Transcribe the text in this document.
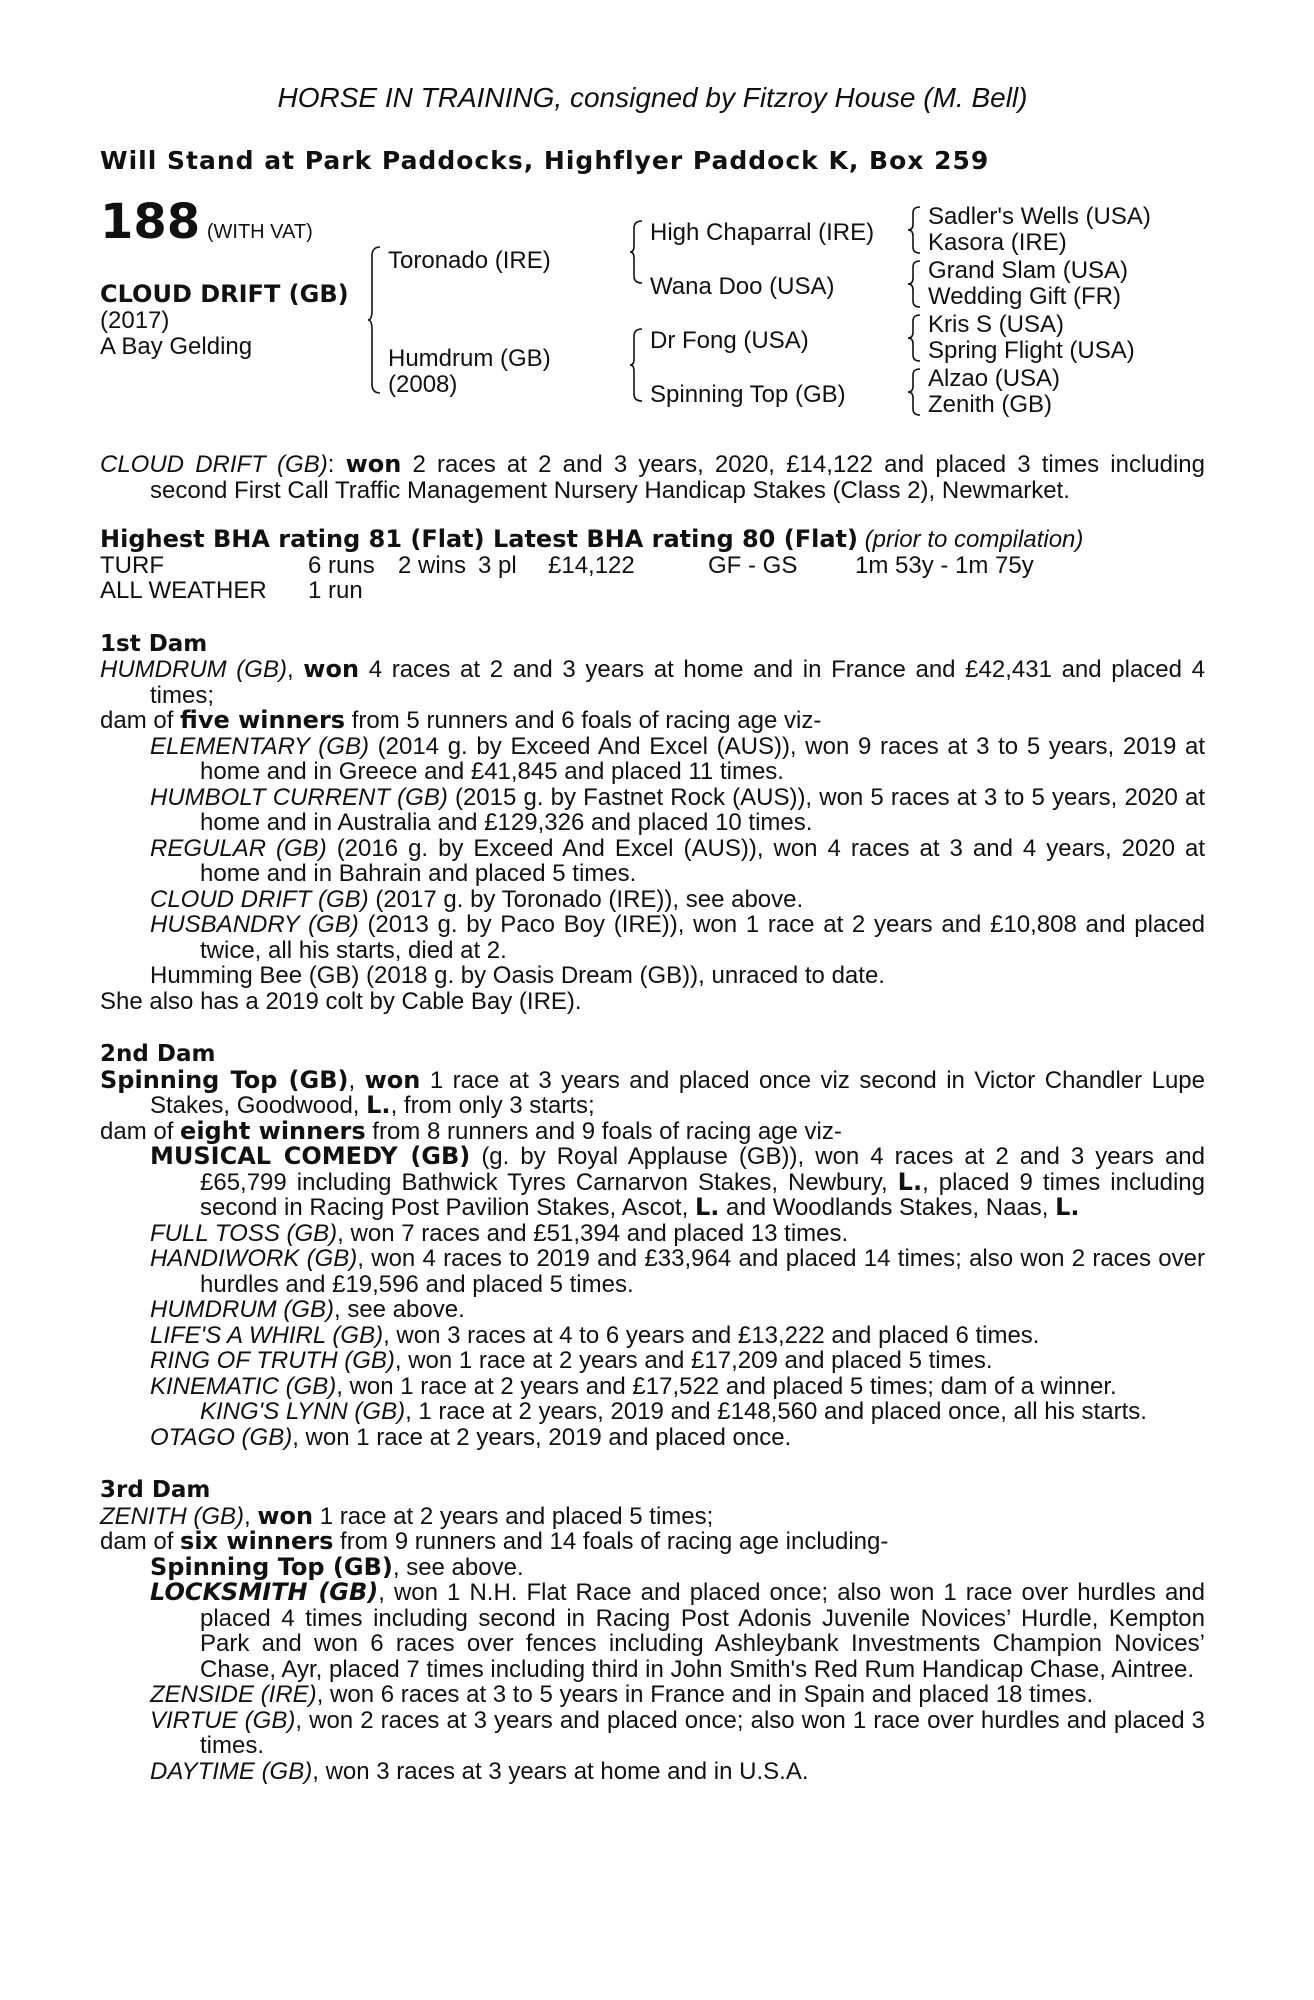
HORSE IN TRAINING, consigned by Fitzroy House (M. Bell)
Will Stand at Park Paddocks, Highflyer Paddock K, Box 259
188 (WITH VAT)
CLOUD DRIFT (GB)
(2017)
A Bay Gelding
Toronado (IRE)
Humdrum (GB)
(2008)
High Chaparral (IRE)
Wana Doo (USA)
Dr Fong (USA)
Spinning Top (GB)
Sadler's Wells (USA)
Kasora (IRE)
Grand Slam (USA)
Wedding Gift (FR)
Kris S (USA)
Spring Flight (USA)
Alzao (USA)
Zenith (GB)
CLOUD DRIFT (GB): won 2 races at 2 and 3 years, 2020, £14,122 and placed 3 times including second First Call Traffic Management Nursery Handicap Stakes (Class 2), Newmarket.
Highest BHA rating 81 (Flat) Latest BHA rating 80 (Flat) (prior to compilation)
TURF	6 runs 2 wins 3 pl £14,122	GF - GS 1m 53y - 1m 75y
ALL WEATHER 1 run
1st Dam
HUMDRUM (GB), won 4 races at 2 and 3 years at home and in France and £42,431 and placed 4 times;
dam of five winners from 5 runners and 6 foals of racing age viz-
ELEMENTARY (GB) (2014 g. by Exceed And Excel (AUS)), won 9 races at 3 to 5 years, 2019 at home and in Greece and £41,845 and placed 11 times.
HUMBOLT CURRENT (GB) (2015 g. by Fastnet Rock (AUS)), won 5 races at 3 to 5 years, 2020 at home and in Australia and £129,326 and placed 10 times.
REGULAR (GB) (2016 g. by Exceed And Excel (AUS)), won 4 races at 3 and 4 years, 2020 at home and in Bahrain and placed 5 times.
CLOUD DRIFT (GB) (2017 g. by Toronado (IRE)), see above.
HUSBANDRY (GB) (2013 g. by Paco Boy (IRE)), won 1 race at 2 years and £10,808 and placed twice, all his starts, died at 2.
Humming Bee (GB) (2018 g. by Oasis Dream (GB)), unraced to date.
She also has a 2019 colt by Cable Bay (IRE).
2nd Dam
Spinning Top (GB), won 1 race at 3 years and placed once viz second in Victor Chandler Lupe Stakes, Goodwood, L., from only 3 starts;
dam of eight winners from 8 runners and 9 foals of racing age viz-
MUSICAL COMEDY (GB) (g. by Royal Applause (GB)), won 4 races at 2 and 3 years and £65,799 including Bathwick Tyres Carnarvon Stakes, Newbury, L., placed 9 times including second in Racing Post Pavilion Stakes, Ascot, L. and Woodlands Stakes, Naas, L.
FULL TOSS (GB), won 7 races and £51,394 and placed 13 times.
HANDIWORK (GB), won 4 races to 2019 and £33,964 and placed 14 times; also won 2 races over hurdles and £19,596 and placed 5 times.
HUMDRUM (GB), see above.
LIFE'S A WHIRL (GB), won 3 races at 4 to 6 years and £13,222 and placed 6 times.
RING OF TRUTH (GB), won 1 race at 2 years and £17,209 and placed 5 times.
KINEMATIC (GB), won 1 race at 2 years and £17,522 and placed 5 times; dam of a winner.
KING'S LYNN (GB), 1 race at 2 years, 2019 and £148,560 and placed once, all his starts.
OTAGO (GB), won 1 race at 2 years, 2019 and placed once.
3rd Dam
ZENITH (GB), won 1 race at 2 years and placed 5 times;
dam of six winners from 9 runners and 14 foals of racing age including-
Spinning Top (GB), see above.
LOCKSMITH (GB), won 1 N.H. Flat Race and placed once; also won 1 race over hurdles and placed 4 times including second in Racing Post Adonis Juvenile Novices’ Hurdle, Kempton Park and won 6 races over fences including Ashleybank Investments Champion Novices’ Chase, Ayr, placed 7 times including third in John Smith's Red Rum Handicap Chase, Aintree.
ZENSIDE (IRE), won 6 races at 3 to 5 years in France and in Spain and placed 18 times.
VIRTUE (GB), won 2 races at 3 years and placed once; also won 1 race over hurdles and placed 3 times.
DAYTIME (GB), won 3 races at 3 years at home and in U.S.A.
